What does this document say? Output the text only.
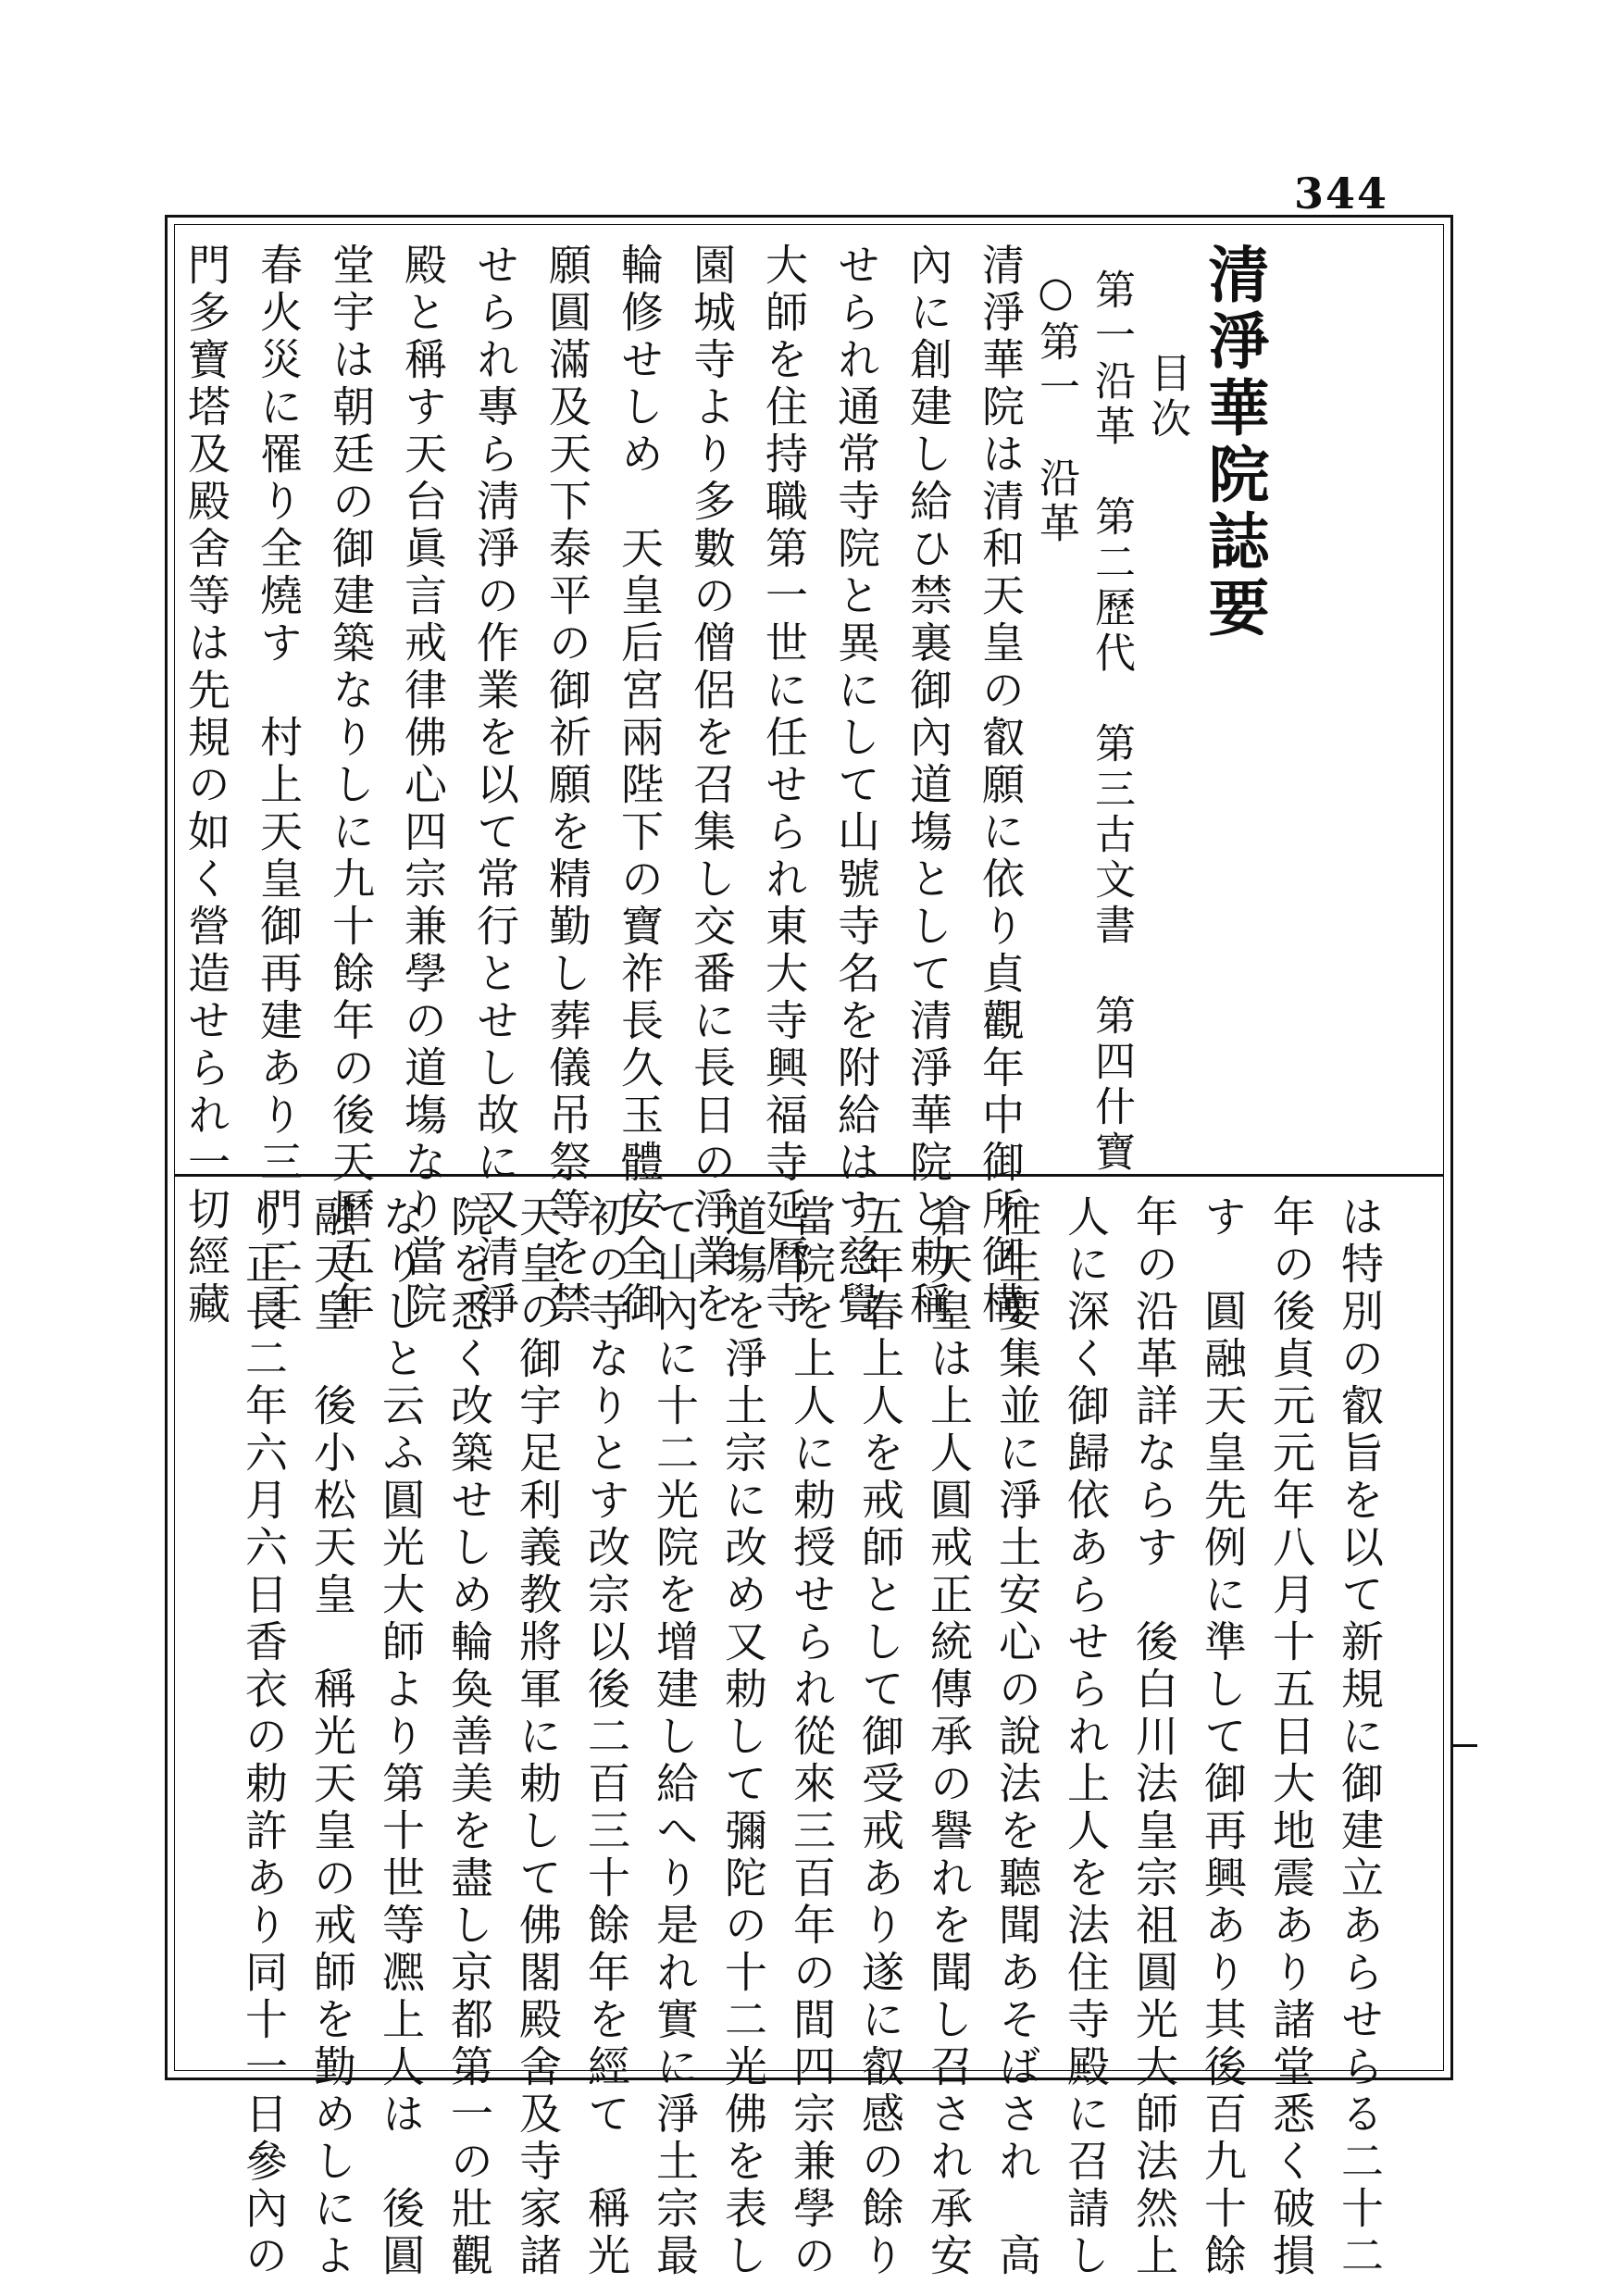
344
清淨華院誌要
目次
第一沿革　第二歷代　第三古文書　第四什寶
○第一　沿革
清淨華院は清和天皇の叡願に依り貞觀年中御所御構
內に創建し給ひ禁裏御內道塲として清淨華院と勅稱
せられ通常寺院と異にして山號寺名を附給はす慈覺
大師を住持職第一世に任せられ東大寺興福寺延曆寺
園城寺より多數の僧侶を召集し交番に長日の淨業を
輪修せしめ　天皇后宮兩陛下の寶祚長久玉體安全御
願圓滿及天下泰平の御祈願を精勤し葬儀吊祭等を禁
せられ專ら淸淨の作業を以て常行とせし故に又清淨
殿と稱す天台眞言戒律佛心四宗兼學の道塲なり當院
堂宇は朝廷の御建築なりしに九十餘年の後天曆五年
春火災に罹り全燒す　村上天皇御再建あり三門二王
門多寶塔及殿舍等は先規の如く營造せられ一切經藏
は特別の叡旨を以て新規に御建立あらせらる二十二
年の後貞元元年八月十五日大地震あり諸堂悉く破損
す　圓融天皇先例に準して御再興あり其後百九十餘
年の沿革詳ならす　後白川法皇宗祖圓光大師法然上
人に深く御歸依あらせられ上人を法住寺殿に召請し
往生要集並に淨土安心の說法を聽聞あそばされ　高
倉天皇は上人圓戒正統傳承の譽れを聞し召され承安
五年春上人を戒師として御受戒あり遂に叡感の餘り
當院を上人に勅授せられ從來三百年の間四宗兼學の
道塲を淨土宗に改め又勅して彌陀の十二光佛を表し
て山內に十二光院を增建し給へり是れ實に淨土宗最
初の寺なりとす改宗以後二百三十餘年を經て　稱光
天皇の御宇足利義教將軍に勅して佛閣殿舍及寺家諸
院を悉く改築せしめ輪奐善美を盡し京都第一の壯觀
なりしと云ふ圓光大師より第十世等凞上人は　後圓
融天皇　後小松天皇　稱光天皇の戒師を勤めしによ
り正長二年六月六日香衣の勅許あり同十一日參內の
